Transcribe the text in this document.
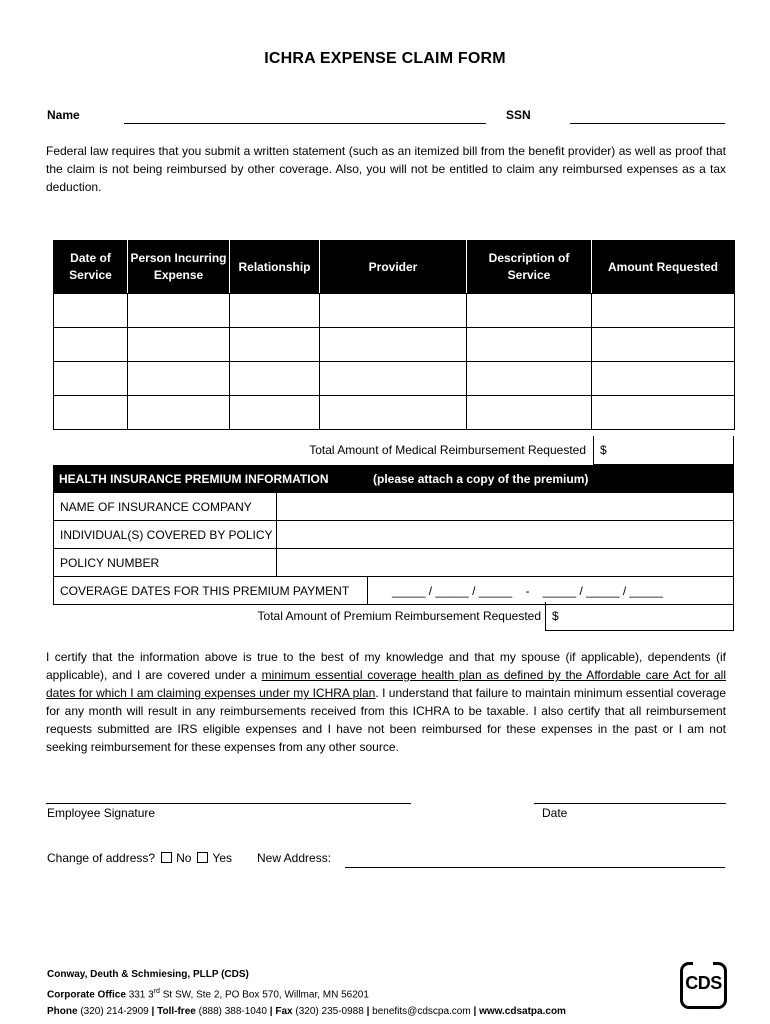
ICHRA EXPENSE CLAIM FORM
Name	SSN
Federal law requires that you submit a written statement (such as an itemized bill from the benefit provider) as well as proof that the claim is not being reimbursed by other coverage. Also, you will not be entitled to claim any reimbursed expenses as a tax deduction.
Date of Service	Person Incurring Expense	Relationship	Provider	Description of Service	Amount Requested

Total Amount of Medical Reimbursement Requested	$
HEALTH INSURANCE PREMIUM INFORMATION	(please attach a copy of the premium)
NAME OF INSURANCE COMPANY
INDIVIDUAL(S) COVERED BY POLICY
POLICY NUMBER
COVERAGE DATES FOR THIS PREMIUM PAYMENT	_____ / _____ / _____    -    _____ / _____ / _____
Total Amount of Premium Reimbursement Requested $
I certify that the information above is true to the best of my knowledge and that my spouse (if applicable), dependents (if applicable), and I are covered under a minimum essential coverage health plan as defined by the Affordable care Act for all dates for which I am claiming expenses under my ICHRA plan. I understand that failure to maintain minimum essential coverage for any month will result in any reimbursements received from this ICHRA to be taxable. I also certify that all reimbursement requests submitted are IRS eligible expenses and I have not been reimbursed for these expenses in the past or I am not seeking reimbursement for these expenses from any other source.
Employee Signature	Date
Change of address? No Yes New Address:
Conway, Deuth & Schmiesing, PLLP (CDS)
Corporate Office 331 3rd St SW, Ste 2, PO Box 570, Willmar, MN 56201
Phone (320) 214-2909 | Toll-free (888) 388-1040 | Fax (320) 235-0988 | benefits@cdscpa.com | www.cdsatpa.com
CDS
